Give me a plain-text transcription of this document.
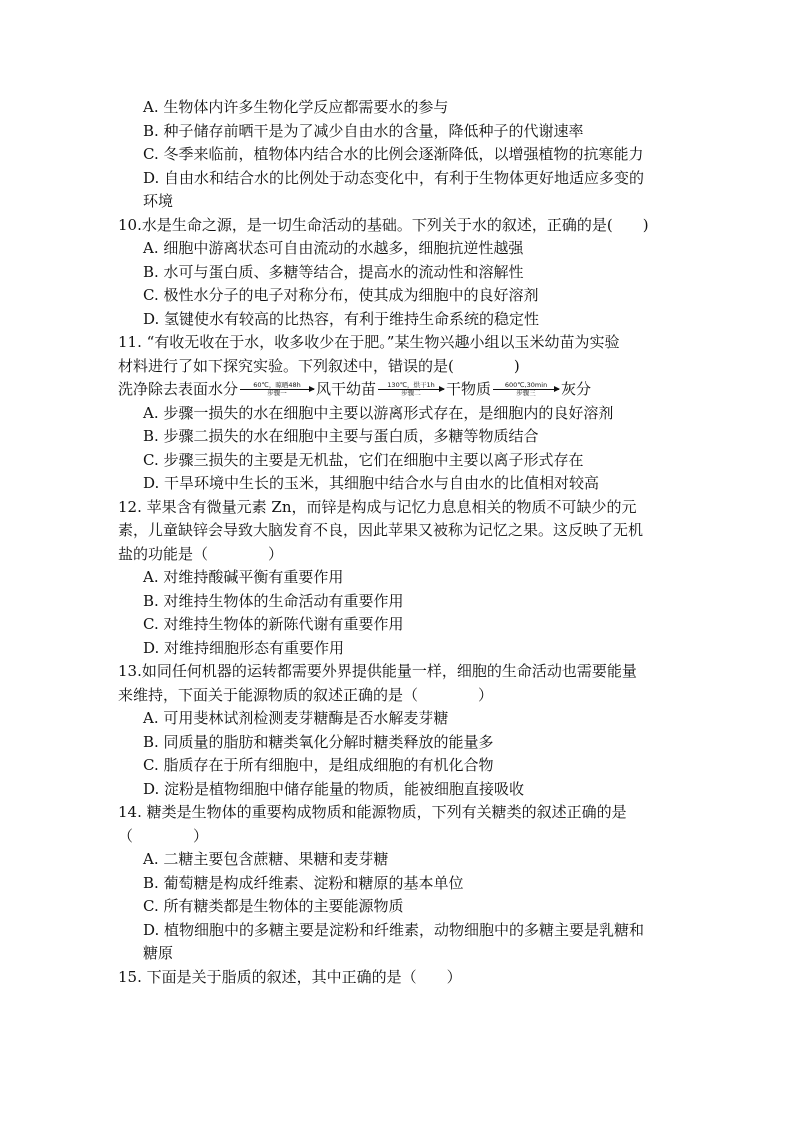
A. 生物体内许多生物化学反应都需要水的参与
B. 种子储存前晒干是为了减少自由水的含量，降低种子的代谢速率
C. 冬季来临前，植物体内结合水的比例会逐渐降低，以增强植物的抗寒能力
D. 自由水和结合水的比例处于动态变化中，有利于生物体更好地适应多变的
环境
10.水是生命之源，是一切生命活动的基础。下列关于水的叙述，正确的是(　　)
A. 细胞中游离状态可自由流动的水越多，细胞抗逆性越强
B. 水可与蛋白质、多糖等结合，提高水的流动性和溶解性
C. 极性水分子的电子对称分布，使其成为细胞中的良好溶剂
D. 氢键使水有较高的比热容，有利于维持生命系统的稳定性
11. “有收无收在于水，收多收少在于肥。”某生物兴趣小组以玉米幼苗为实验
材料进行了如下探究实验。下列叙述中，错误的是(　　　　)
洗净除去表面水分 60℃，晾晒48h
步骤一 风干幼苗 130℃，烘干1h
步骤二 干物质 600℃,30min
步骤三 灰分
A. 步骤一损失的水在细胞中主要以游离形式存在，是细胞内的良好溶剂
B. 步骤二损失的水在细胞中主要与蛋白质，多糖等物质结合
C. 步骤三损失的主要是无机盐，它们在细胞中主要以离子形式存在
D. 干旱环境中生长的玉米，其细胞中结合水与自由水的比值相对较高
12. 苹果含有微量元素 Zn，而锌是构成与记忆力息息相关的物质不可缺少的元
素，儿童缺锌会导致大脑发育不良，因此苹果又被称为记忆之果。这反映了无机
盐的功能是（　　　　）
A. 对维持酸碱平衡有重要作用
B. 对维持生物体的生命活动有重要作用
C. 对维持生物体的新陈代谢有重要作用
D. 对维持细胞形态有重要作用
13.如同任何机器的运转都需要外界提供能量一样，细胞的生命活动也需要能量
来维持，下面关于能源物质的叙述正确的是（　　　　）
A. 可用斐林试剂检测麦芽糖酶是否水解麦芽糖
B. 同质量的脂肪和糖类氧化分解时糖类释放的能量多
C. 脂质存在于所有细胞中，是组成细胞的有机化合物
D. 淀粉是植物细胞中储存能量的物质，能被细胞直接吸收
14. 糖类是生物体的重要构成物质和能源物质，下列有关糖类的叙述正确的是
（　　　　）
A. 二糖主要包含蔗糖、果糖和麦芽糖
B. 葡萄糖是构成纤维素、淀粉和糖原的基本单位
C. 所有糖类都是生物体的主要能源物质
D. 植物细胞中的多糖主要是淀粉和纤维素，动物细胞中的多糖主要是乳糖和
糖原
15. 下面是关于脂质的叙述，其中正确的是（　　）
